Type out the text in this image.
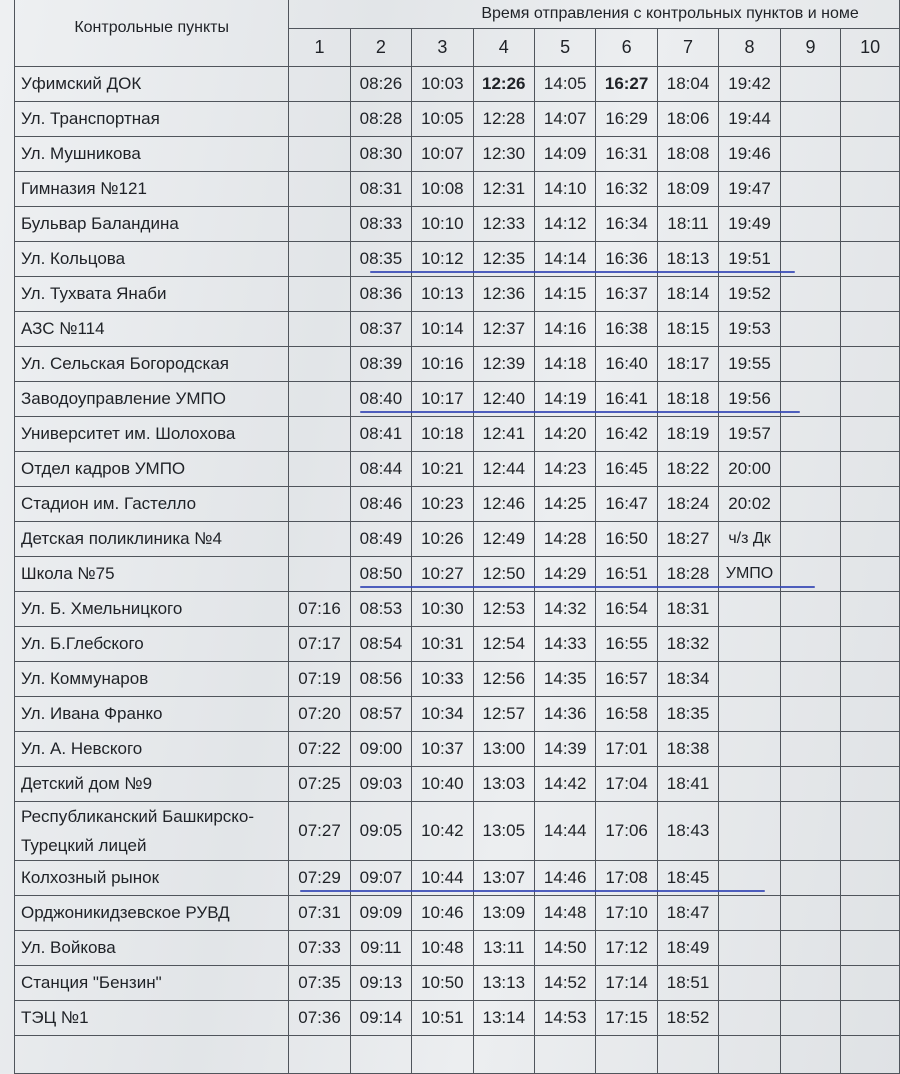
Контрольные пункты	Время отправления с контрольных пунктов и номе									
	1	2	3	4	5	6	7	8	9	10
Уфимский ДОК		08:26	10:03	12:26	14:05	16:27	18:04	19:42		
Ул. Транспортная		08:28	10:05	12:28	14:07	16:29	18:06	19:44		
Ул. Мушникова		08:30	10:07	12:30	14:09	16:31	18:08	19:46		
Гимназия №121		08:31	10:08	12:31	14:10	16:32	18:09	19:47		
Бульвар Баландина		08:33	10:10	12:33	14:12	16:34	18:11	19:49		
Ул. Кольцова		08:35	10:12	12:35	14:14	16:36	18:13	19:51		
Ул. Тухвата Янаби		08:36	10:13	12:36	14:15	16:37	18:14	19:52		
АЗС №114		08:37	10:14	12:37	14:16	16:38	18:15	19:53		
Ул. Сельская Богородская		08:39	10:16	12:39	14:18	16:40	18:17	19:55		
Заводоуправление УМПО		08:40	10:17	12:40	14:19	16:41	18:18	19:56		
Университет им. Шолохова		08:41	10:18	12:41	14:20	16:42	18:19	19:57		
Отдел кадров УМПО		08:44	10:21	12:44	14:23	16:45	18:22	20:00		
Стадион им. Гастелло		08:46	10:23	12:46	14:25	16:47	18:24	20:02		
Детская поликлиника №4		08:49	10:26	12:49	14:28	16:50	18:27	ч/з Дк		
Школа №75		08:50	10:27	12:50	14:29	16:51	18:28	УМПО		
Ул. Б. Хмельницкого	07:16	08:53	10:30	12:53	14:32	16:54	18:31			
Ул. Б.Глебского	07:17	08:54	10:31	12:54	14:33	16:55	18:32			
Ул. Коммунаров	07:19	08:56	10:33	12:56	14:35	16:57	18:34			
Ул. Ивана Франко	07:20	08:57	10:34	12:57	14:36	16:58	18:35			
Ул. А. Невского	07:22	09:00	10:37	13:00	14:39	17:01	18:38			
Детский дом №9	07:25	09:03	10:40	13:03	14:42	17:04	18:41			
Республиканский Башкирско- Турецкий лицей	07:27	09:05	10:42	13:05	14:44	17:06	18:43			
Колхозный рынок	07:29	09:07	10:44	13:07	14:46	17:08	18:45			
Орджоникидзевское РУВД	07:31	09:09	10:46	13:09	14:48	17:10	18:47			
Ул. Войкова	07:33	09:11	10:48	13:11	14:50	17:12	18:49			
Станция "Бензин"	07:35	09:13	10:50	13:13	14:52	17:14	18:51			
ТЭЦ №1	07:36	09:14	10:51	13:14	14:53	17:15	18:52			
